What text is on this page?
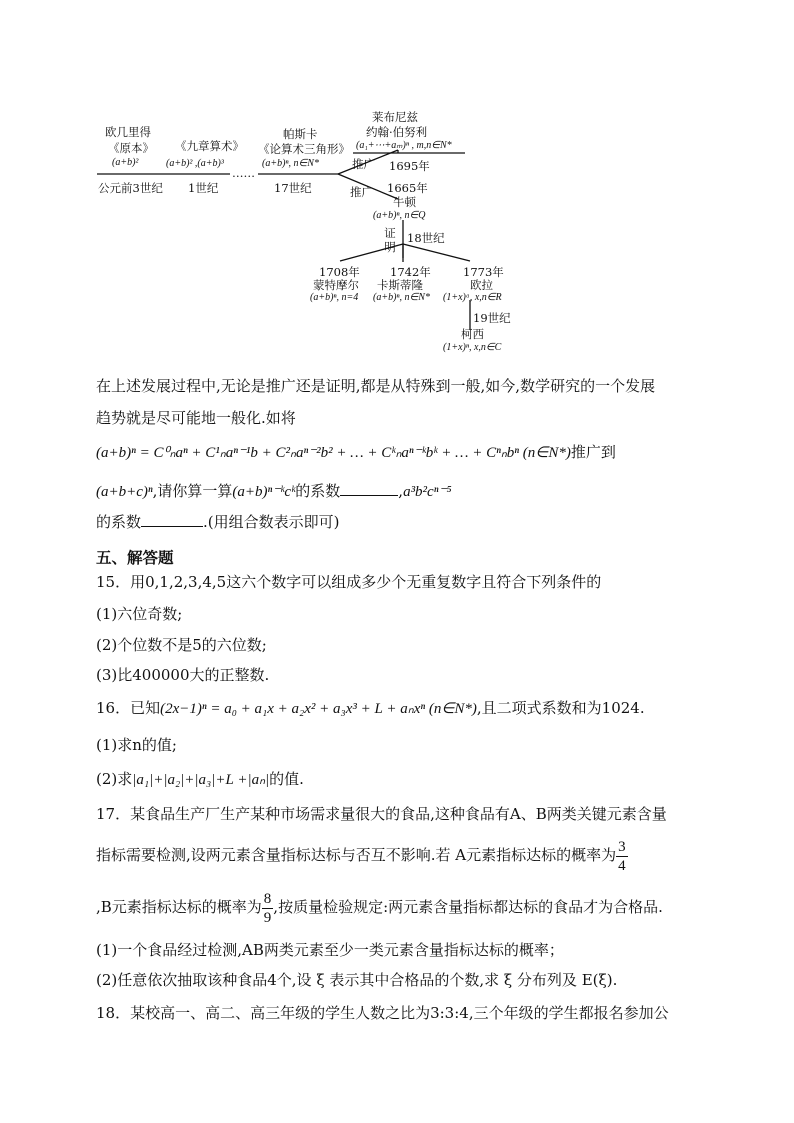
欧几里得
《原本》
(a+b)²
公元前3世纪
《九章算术》
(a+b)² ,(a+b)³
1世纪
……
帕斯卡
《论算术三角形》
(a+b)ⁿ, n∈N*
17世纪
莱布尼兹
约翰·伯努利
(a₁+⋯+aₘ)ⁿ , m,n∈N*
推广 1695年
推广 1665年
牛顿
(a+b)ⁿ, n∈Q
证明
18世纪
1708年
蒙特摩尔
(a+b)ⁿ, n=4
1742年
卡斯蒂隆
(a+b)ⁿ, n∈N*
1773年
欧拉
(1+x)ᵅ, x,n∈R
19世纪
柯西
(1+x)ⁿ, x,n∈C
在上述发展过程中,无论是推广还是证明,都是从特殊到一般,如今,数学研究的一个发展
趋势就是尽可能地一般化.如将
(a+b)ⁿ = C⁰ₙaⁿ + C¹ₙaⁿ⁻¹b + C²ₙaⁿ⁻²b² + … + Cᵏₙaⁿ⁻ᵏbᵏ + … + Cⁿₙbⁿ (n∈N*)推广到
(a+b+c)ⁿ,请你算一算(a+b)ⁿ⁻ᵏcᵏ的系数	,a³b²cⁿ⁻⁵
的系数	.(用组合数表示即可)
五、解答题
15．用0,1,2,3,4,5这六个数字可以组成多少个无重复数字且符合下列条件的
(1)六位奇数;
(2)个位数不是5的六位数;
(3)比400000大的正整数.
16．已知(2x−1)ⁿ = a₀ + a₁x + a₂x² + a₃x³ + L + aₙxⁿ (n∈N*),且二项式系数和为1024.
(1)求n的值;
(2)求|a₁|+|a₂|+|a₃|+L +|aₙ|的值.
17．某食品生产厂生产某种市场需求量很大的食品,这种食品有A、B两类关键元素含量
指标需要检测,设两元素含量指标达标与否互不影响.若 A元素指标达标的概率为 $\frac{3}{4}$
,B元素指标达标的概率为 $\frac{8}{9}$ ,按质量检验规定:两元素含量指标都达标的食品才为合格品.
(1)一个食品经过检测,AB两类元素至少一类元素含量指标达标的概率；
(2)任意依次抽取该种食品4个,设 ξ 表示其中合格品的个数,求 ξ 分布列及 E(ξ).
18．某校高一、高二、高三年级的学生人数之比为3:3:4,三个年级的学生都报名参加公
